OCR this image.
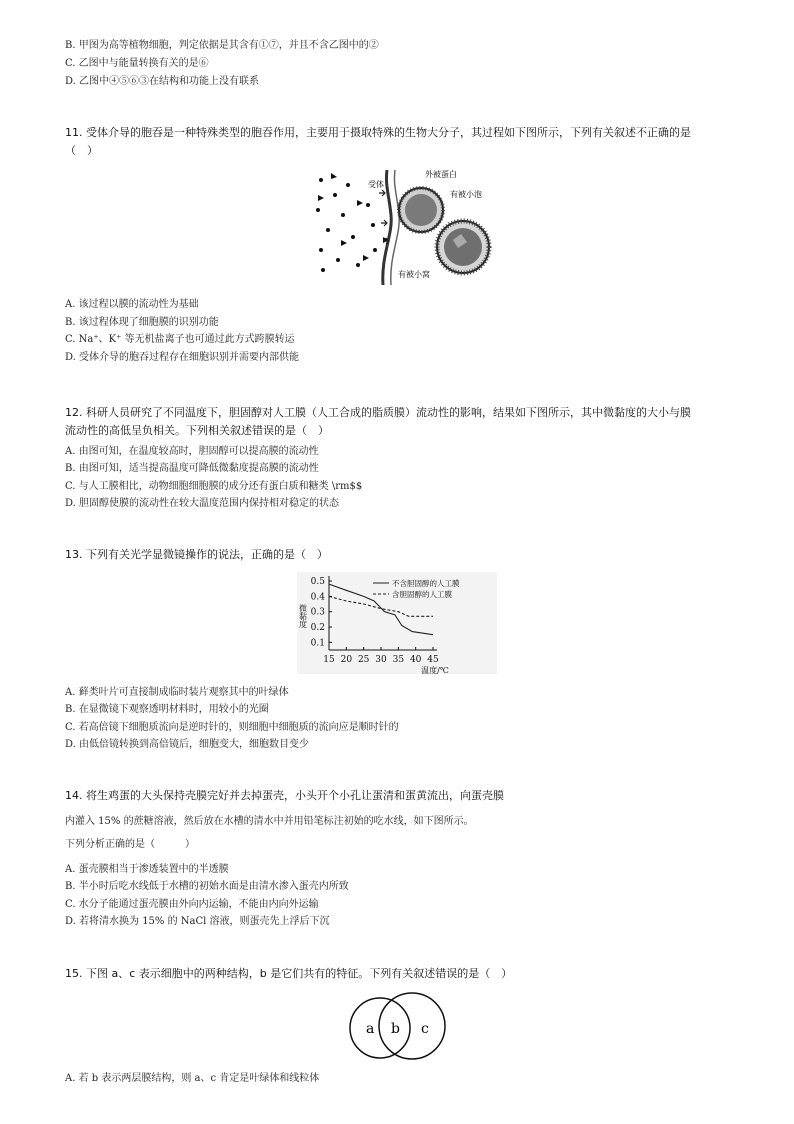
B. 甲图为高等植物细胞，判定依据是其含有①⑦，并且不含乙图中的②
C. 乙图中与能量转换有关的是⑥
D. 乙图中④⑤⑥③在结构和功能上没有联系
11. 受体介导的胞吞是一种特殊类型的胞吞作用，主要用于摄取特殊的生物大分子，其过程如下图所示，下列有关叙述不正确的是
（　）
受体
外被蛋白
有被小泡
有被小窝
A. 该过程以膜的流动性为基础
B. 该过程体现了细胞膜的识别功能
C. Na⁺、K⁺ 等无机盐离子也可通过此方式跨膜转运
D. 受体介导的胞吞过程存在细胞识别并需要内部供能
12. 科研人员研究了不同温度下，胆固醇对人工膜（人工合成的脂质膜）流动性的影响，结果如下图所示，其中微黏度的大小与膜
流动性的高低呈负相关。下列相关叙述错误的是（　）
A. 由图可知，在温度较高时，胆固醇可以提高膜的流动性
B. 由图可知，适当提高温度可降低微黏度提高膜的流动性
C. 与人工膜相比，动物细胞细胞膜的成分还有蛋白质和糖类 \rm$$
D. 胆固醇使膜的流动性在较大温度范围内保持相对稳定的状态
13. 下列有关光学显微镜操作的说法，正确的是（　）
0.5
0.4
0.3
0.2
0.1
15 20 25 30 35 40 45
微黏度
温度/℃
不含胆固醇的人工膜
含胆固醇的人工膜
A. 藓类叶片可直接制成临时装片观察其中的叶绿体
B. 在显微镜下观察透明材料时，用较小的光圈
C. 若高倍镜下细胞质流向是逆时针的，则细胞中细胞质的流向应是顺时针的
D. 由低倍镜转换到高倍镜后，细胞变大，细胞数目变少
14. 将生鸡蛋的大头保持壳膜完好并去掉蛋壳，小头开个小孔让蛋清和蛋黄流出，向蛋壳膜
内灌入 15% 的蔗糖溶液，然后放在水槽的清水中并用铅笔标注初始的吃水线，如下图所示。
下列分析正确的是（　　　）
A. 蛋壳膜相当于渗透装置中的半透膜
B. 半小时后吃水线低于水槽的初始水面是由清水渗入蛋壳内所致
C. 水分子能通过蛋壳膜由外向内运输，不能由内向外运输
D. 若将清水换为 15% 的 NaCl 溶液，则蛋壳先上浮后下沉
15. 下图 a、c 表示细胞中的两种结构，b 是它们共有的特征。下列有关叙述错误的是（　）
a b c
A. 若 b 表示两层膜结构，则 a、c 肯定是叶绿体和线粒体
